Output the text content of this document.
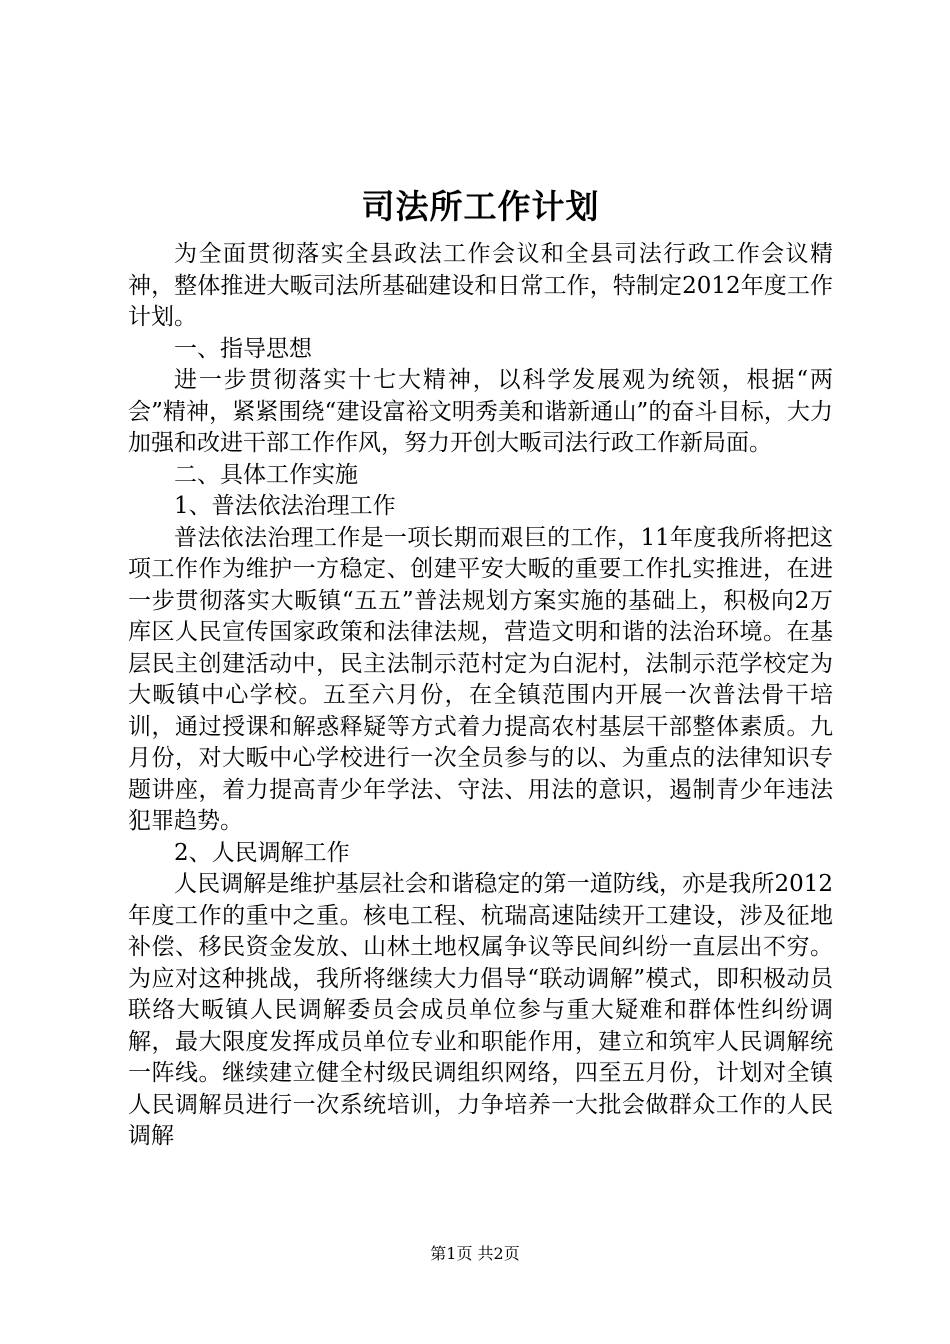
司法所工作计划

为全面贯彻落实全县政法工作会议和全县司法行政工作会议精神，整体推进大畈司法所基础建设和日常工作，特制定2012年度工作计划。

一、指导思想

进一步贯彻落实十七大精神，以科学发展观为统领，根据“两会”精神，紧紧围绕“建设富裕文明秀美和谐新通山”的奋斗目标，大力加强和改进干部工作作风，努力开创大畈司法行政工作新局面。

二、具体工作实施

1、普法依法治理工作

普法依法治理工作是一项长期而艰巨的工作，11年度我所将把这项工作作为维护一方稳定、创建平安大畈的重要工作扎实推进，在进一步贯彻落实大畈镇“五五”普法规划方案实施的基础上，积极向2万库区人民宣传国家政策和法律法规，营造文明和谐的法治环境。在基层民主创建活动中，民主法制示范村定为白泥村，法制示范学校定为大畈镇中心学校。五至六月份，在全镇范围内开展一次普法骨干培训，通过授课和解惑释疑等方式着力提高农村基层干部整体素质。九月份，对大畈中心学校进行一次全员参与的以、为重点的法律知识专题讲座，着力提高青少年学法、守法、用法的意识，遏制青少年违法犯罪趋势。

2、人民调解工作

人民调解是维护基层社会和谐稳定的第一道防线，亦是我所2012年度工作的重中之重。核电工程、杭瑞高速陆续开工建设，涉及征地补偿、移民资金发放、山林土地权属争议等民间纠纷一直层出不穷。为应对这种挑战，我所将继续大力倡导“联动调解”模式，即积极动员联络大畈镇人民调解委员会成员单位参与重大疑难和群体性纠纷调解，最大限度发挥成员单位专业和职能作用，建立和筑牢人民调解统一阵线。继续建立健全村级民调组织网络，四至五月份，计划对全镇人民调解员进行一次系统培训，力争培养一大批会做群众工作的人民调解

第1页 共2页
